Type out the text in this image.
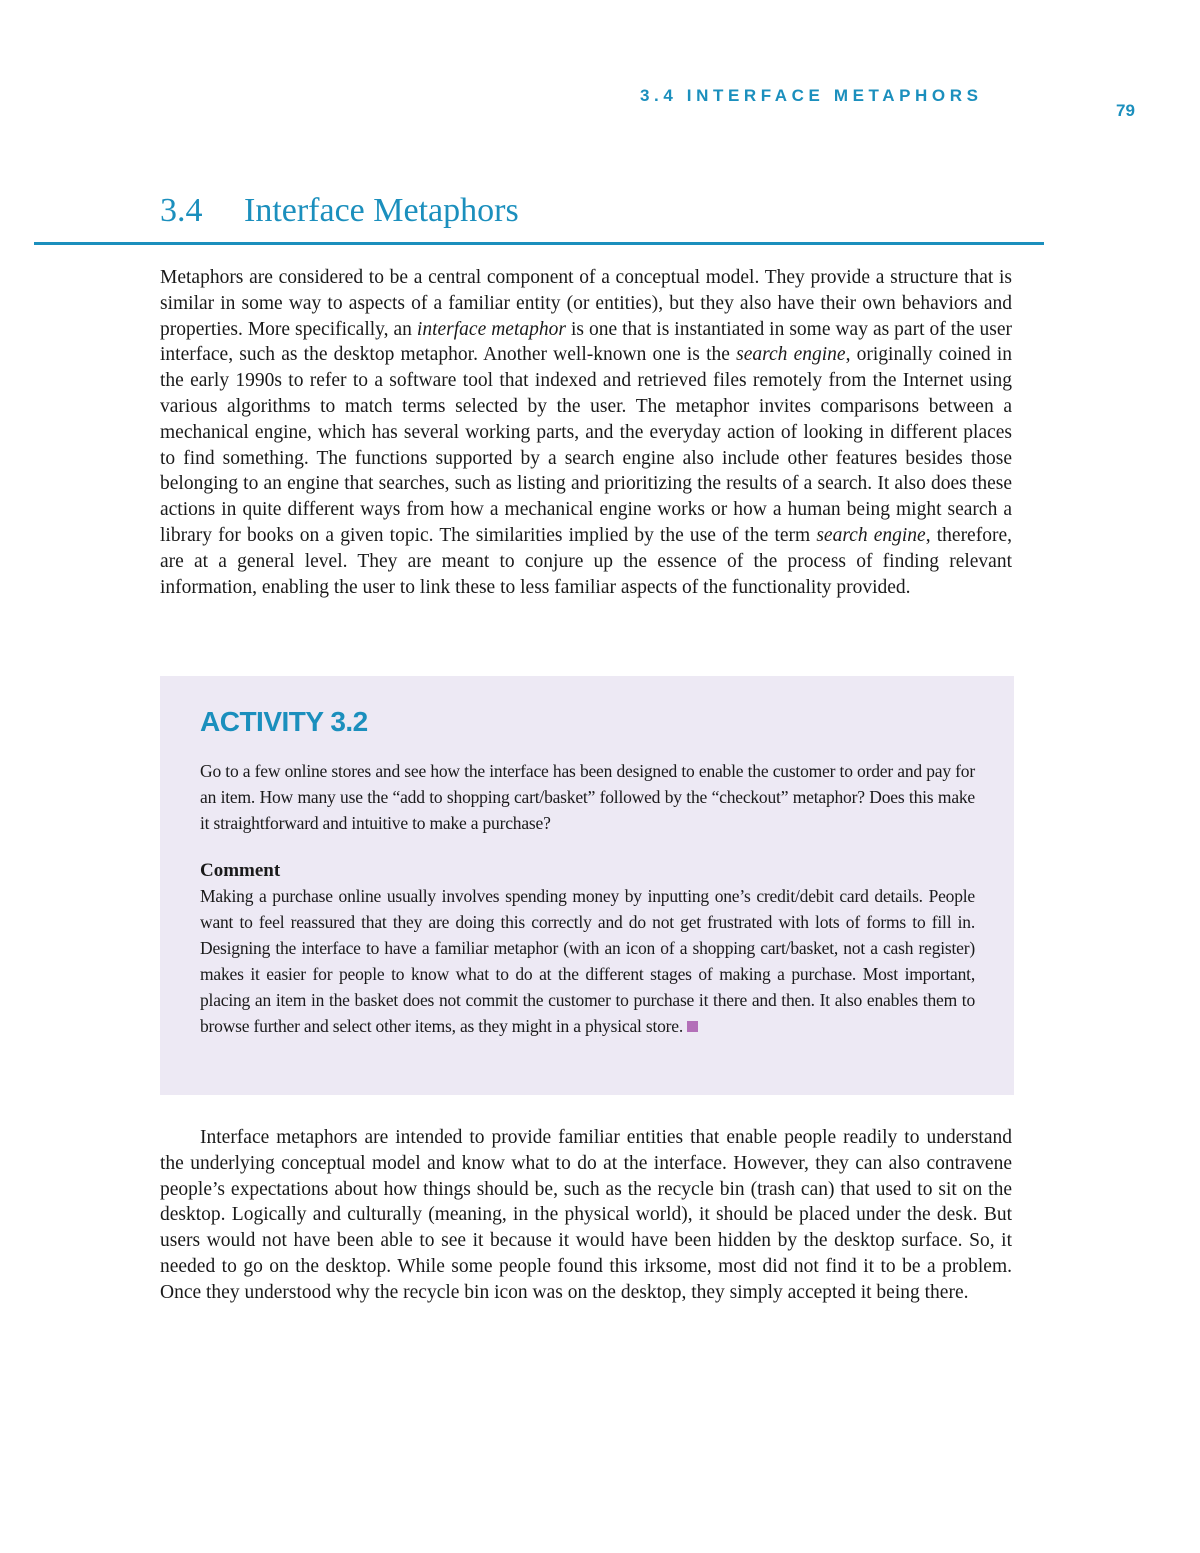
3.4 INTERFACE METAPHORS
79
3.4 Interface Metaphors

Metaphors are considered to be a central component of a conceptual model. They provide a structure that is similar in some way to aspects of a familiar entity (or entities), but they also have their own behaviors and properties. More specifically, an interface metaphor is one that is instantiated in some way as part of the user interface, such as the desktop metaphor. Another well-known one is the search engine, originally coined in the early 1990s to refer to a software tool that indexed and retrieved files remotely from the Internet using various algorithms to match terms selected by the user. The metaphor invites comparisons between a mechanical engine, which has several working parts, and the everyday action of looking in different places to find something. The functions supported by a search engine also include other features besides those belonging to an engine that searches, such as listing and prioritizing the results of a search. It also does these actions in quite different ways from how a mechanical engine works or how a human being might search a library for books on a given topic. The similarities implied by the use of the term search engine, therefore, are at a general level. They are meant to conjure up the essence of the process of finding relevant information, enabling the user to link these to less familiar aspects of the functionality provided.

ACTIVITY 3.2

Go to a few online stores and see how the interface has been designed to enable the customer to order and pay for an item. How many use the “add to shopping cart/basket” followed by the “checkout” metaphor? Does this make it straightforward and intuitive to make a purchase?

Comment

Making a purchase online usually involves spending money by inputting one’s credit/debit card details. People want to feel reassured that they are doing this correctly and do not get frustrated with lots of forms to fill in. Designing the interface to have a familiar metaphor (with an icon of a shopping cart/basket, not a cash register) makes it easier for people to know what to do at the different stages of making a purchase. Most important, placing an item in the basket does not commit the customer to purchase it there and then. It also enables them to browse further and select other items, as they might in a physical store.

Interface metaphors are intended to provide familiar entities that enable people readily to understand the underlying conceptual model and know what to do at the interface. However, they can also contravene people’s expectations about how things should be, such as the recycle bin (trash can) that used to sit on the desktop. Logically and culturally (meaning, in the physical world), it should be placed under the desk. But users would not have been able to see it because it would have been hidden by the desktop surface. So, it needed to go on the desktop. While some people found this irksome, most did not find it to be a problem. Once they understood why the recycle bin icon was on the desktop, they simply accepted it being there.
